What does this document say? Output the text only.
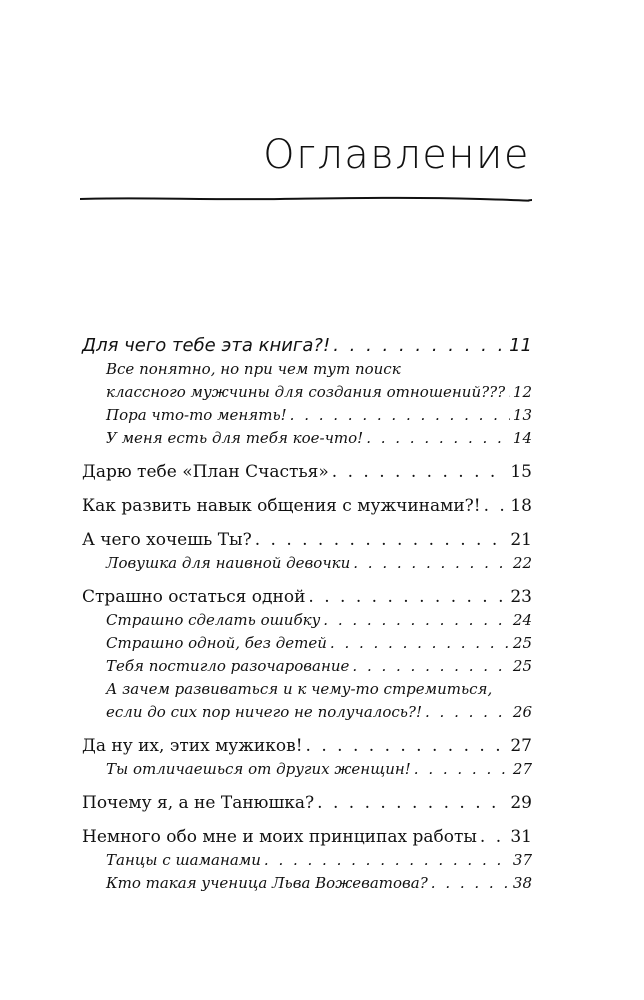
Оглавление
Для чего тебе эта книга?! . . .	11
Все понятно, но при чем тут поиск
классного мужчины для создания отношений??? . . . 12
Пора что-то менять! . . .	13
У меня есть для тебя кое-что! . . .	14
Дарю тебе «План Счастья» . . .	15
Как развить навык общения с мужчинами?! . . . 18
А чего хочешь Ты? . . .	21
Ловушка для наивной девочки . . .	22
Страшно остаться одной . . .	23
Страшно сделать ошибку . . .	24
Страшно одной, без детей . . .	25
Тебя постигло разочарование . . .	25
А зачем развиваться и к чему-то стремиться,
если до сих пор ничего не получалось?! . . .	26
Да ну их, этих мужиков! . . .	27
Ты отличаешься от других женщин! . . .	27
Почему я, а не Танюшка? . . .	29
Немного обо мне и моих принципах работы . . . 31
Танцы с шаманами . . .	37
Кто такая ученица Льва Вожеватова? . . .	38
